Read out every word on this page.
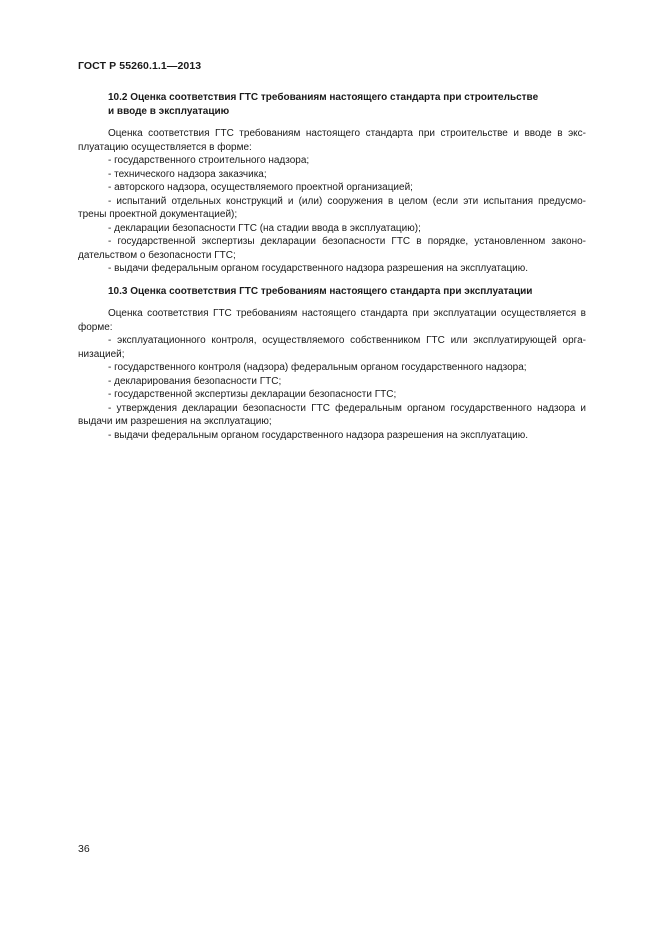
ГОСТ Р 55260.1.1—2013
10.2 Оценка соответствия ГТС требованиям настоящего стандарта при строительстве
и вводе в эксплуатацию

Оценка соответствия ГТС требованиям настоящего стандарта при строительстве и вводе в экс- плуатацию осуществляется в форме:

- государственного строительного надзора;

- технического надзора заказчика;

- авторского надзора, осуществляемого проектной организацией;

- испытаний отдельных конструкций и (или) сооружения в целом (если эти испытания предусмо- трены проектной документацией);

- декларации безопасности ГТС (на стадии ввода в эксплуатацию);

- государственной экспертизы декларации безопасности ГТС в порядке, установленном законо- дательством о безопасности ГТС;

- выдачи федеральным органом государственного надзора разрешения на эксплуатацию.

10.3 Оценка соответствия ГТС требованиям настоящего стандарта при эксплуатации

Оценка соответствия ГТС требованиям настоящего стандарта при эксплуатации осуществляется в форме:

- эксплуатационного контроля, осуществляемого собственником ГТС или эксплуатирующей орга- низацией;

- государственного контроля (надзора) федеральным органом государственного надзора;

- декларирования безопасности ГТС;

- государственной экспертизы декларации безопасности ГТС;

- утверждения декларации безопасности ГТС федеральным органом государственного надзора и выдачи им разрешения на эксплуатацию;

- выдачи федеральным органом государственного надзора разрешения на эксплуатацию.

36
